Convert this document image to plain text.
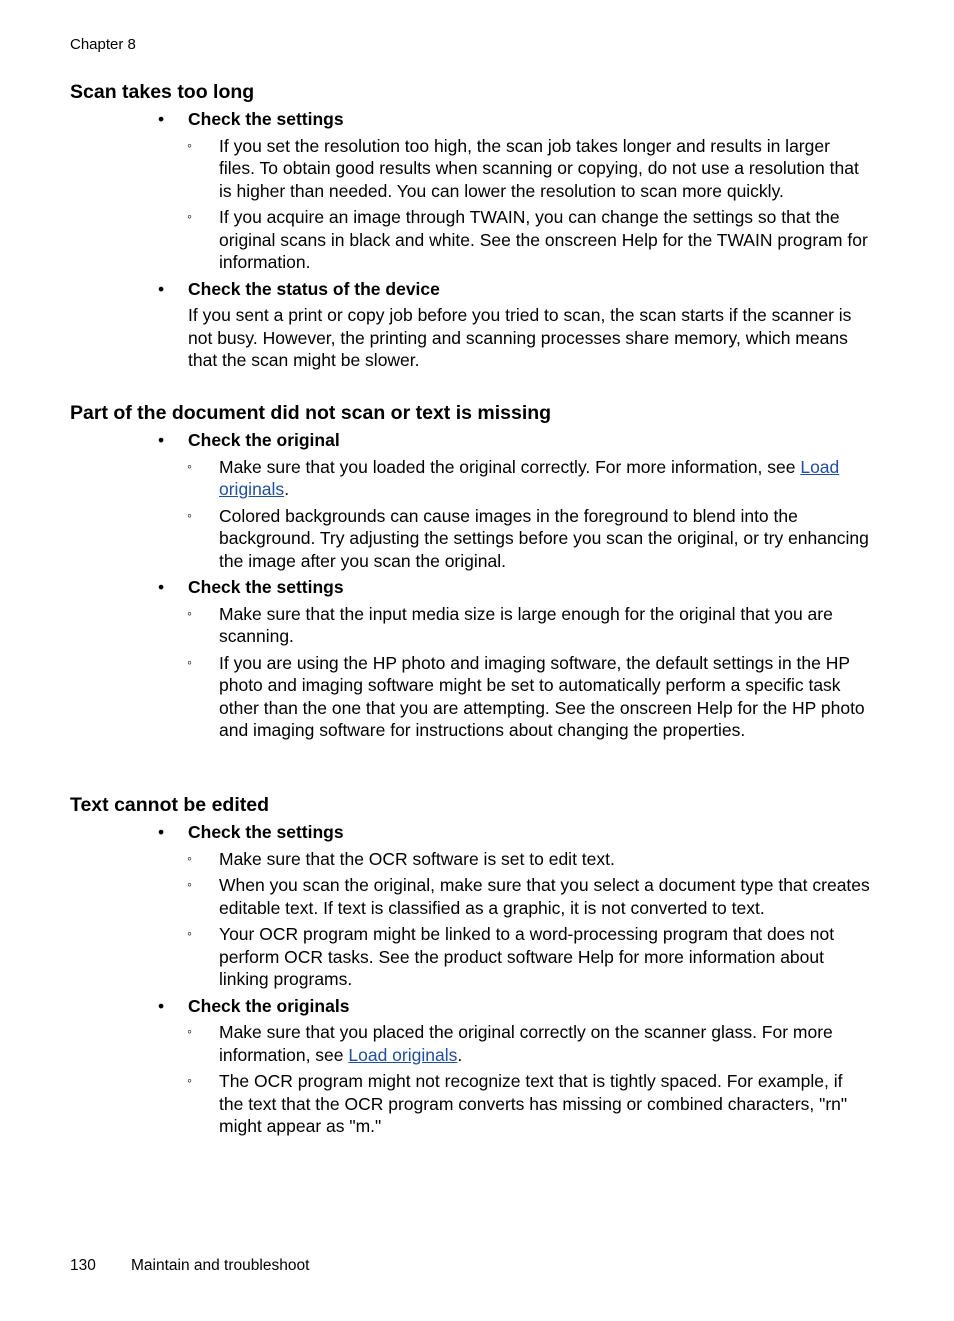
Chapter 8
Scan takes too long
• Check the settings
◦ If you set the resolution too high, the scan job takes longer and results in larger files. To obtain good results when scanning or copying, do not use a resolution that is higher than needed. You can lower the resolution to scan more quickly.
◦ If you acquire an image through TWAIN, you can change the settings so that the original scans in black and white. See the onscreen Help for the TWAIN program for information.
• Check the status of the device
If you sent a print or copy job before you tried to scan, the scan starts if the scanner is not busy. However, the printing and scanning processes share memory, which means that the scan might be slower.
Part of the document did not scan or text is missing
• Check the original
◦ Make sure that you loaded the original correctly. For more information, see Load originals.
◦ Colored backgrounds can cause images in the foreground to blend into the background. Try adjusting the settings before you scan the original, or try enhancing the image after you scan the original.
• Check the settings
◦ Make sure that the input media size is large enough for the original that you are scanning.
◦ If you are using the HP photo and imaging software, the default settings in the HP photo and imaging software might be set to automatically perform a specific task other than the one that you are attempting. See the onscreen Help for the HP photo and imaging software for instructions about changing the properties.
Text cannot be edited
• Check the settings
◦ Make sure that the OCR software is set to edit text.
◦ When you scan the original, make sure that you select a document type that creates editable text. If text is classified as a graphic, it is not converted to text.
◦ Your OCR program might be linked to a word-processing program that does not perform OCR tasks. See the product software Help for more information about linking programs.
• Check the originals
◦ Make sure that you placed the original correctly on the scanner glass. For more information, see Load originals.
◦ The OCR program might not recognize text that is tightly spaced. For example, if the text that the OCR program converts has missing or combined characters, "rn" might appear as "m."
130 Maintain and troubleshoot
